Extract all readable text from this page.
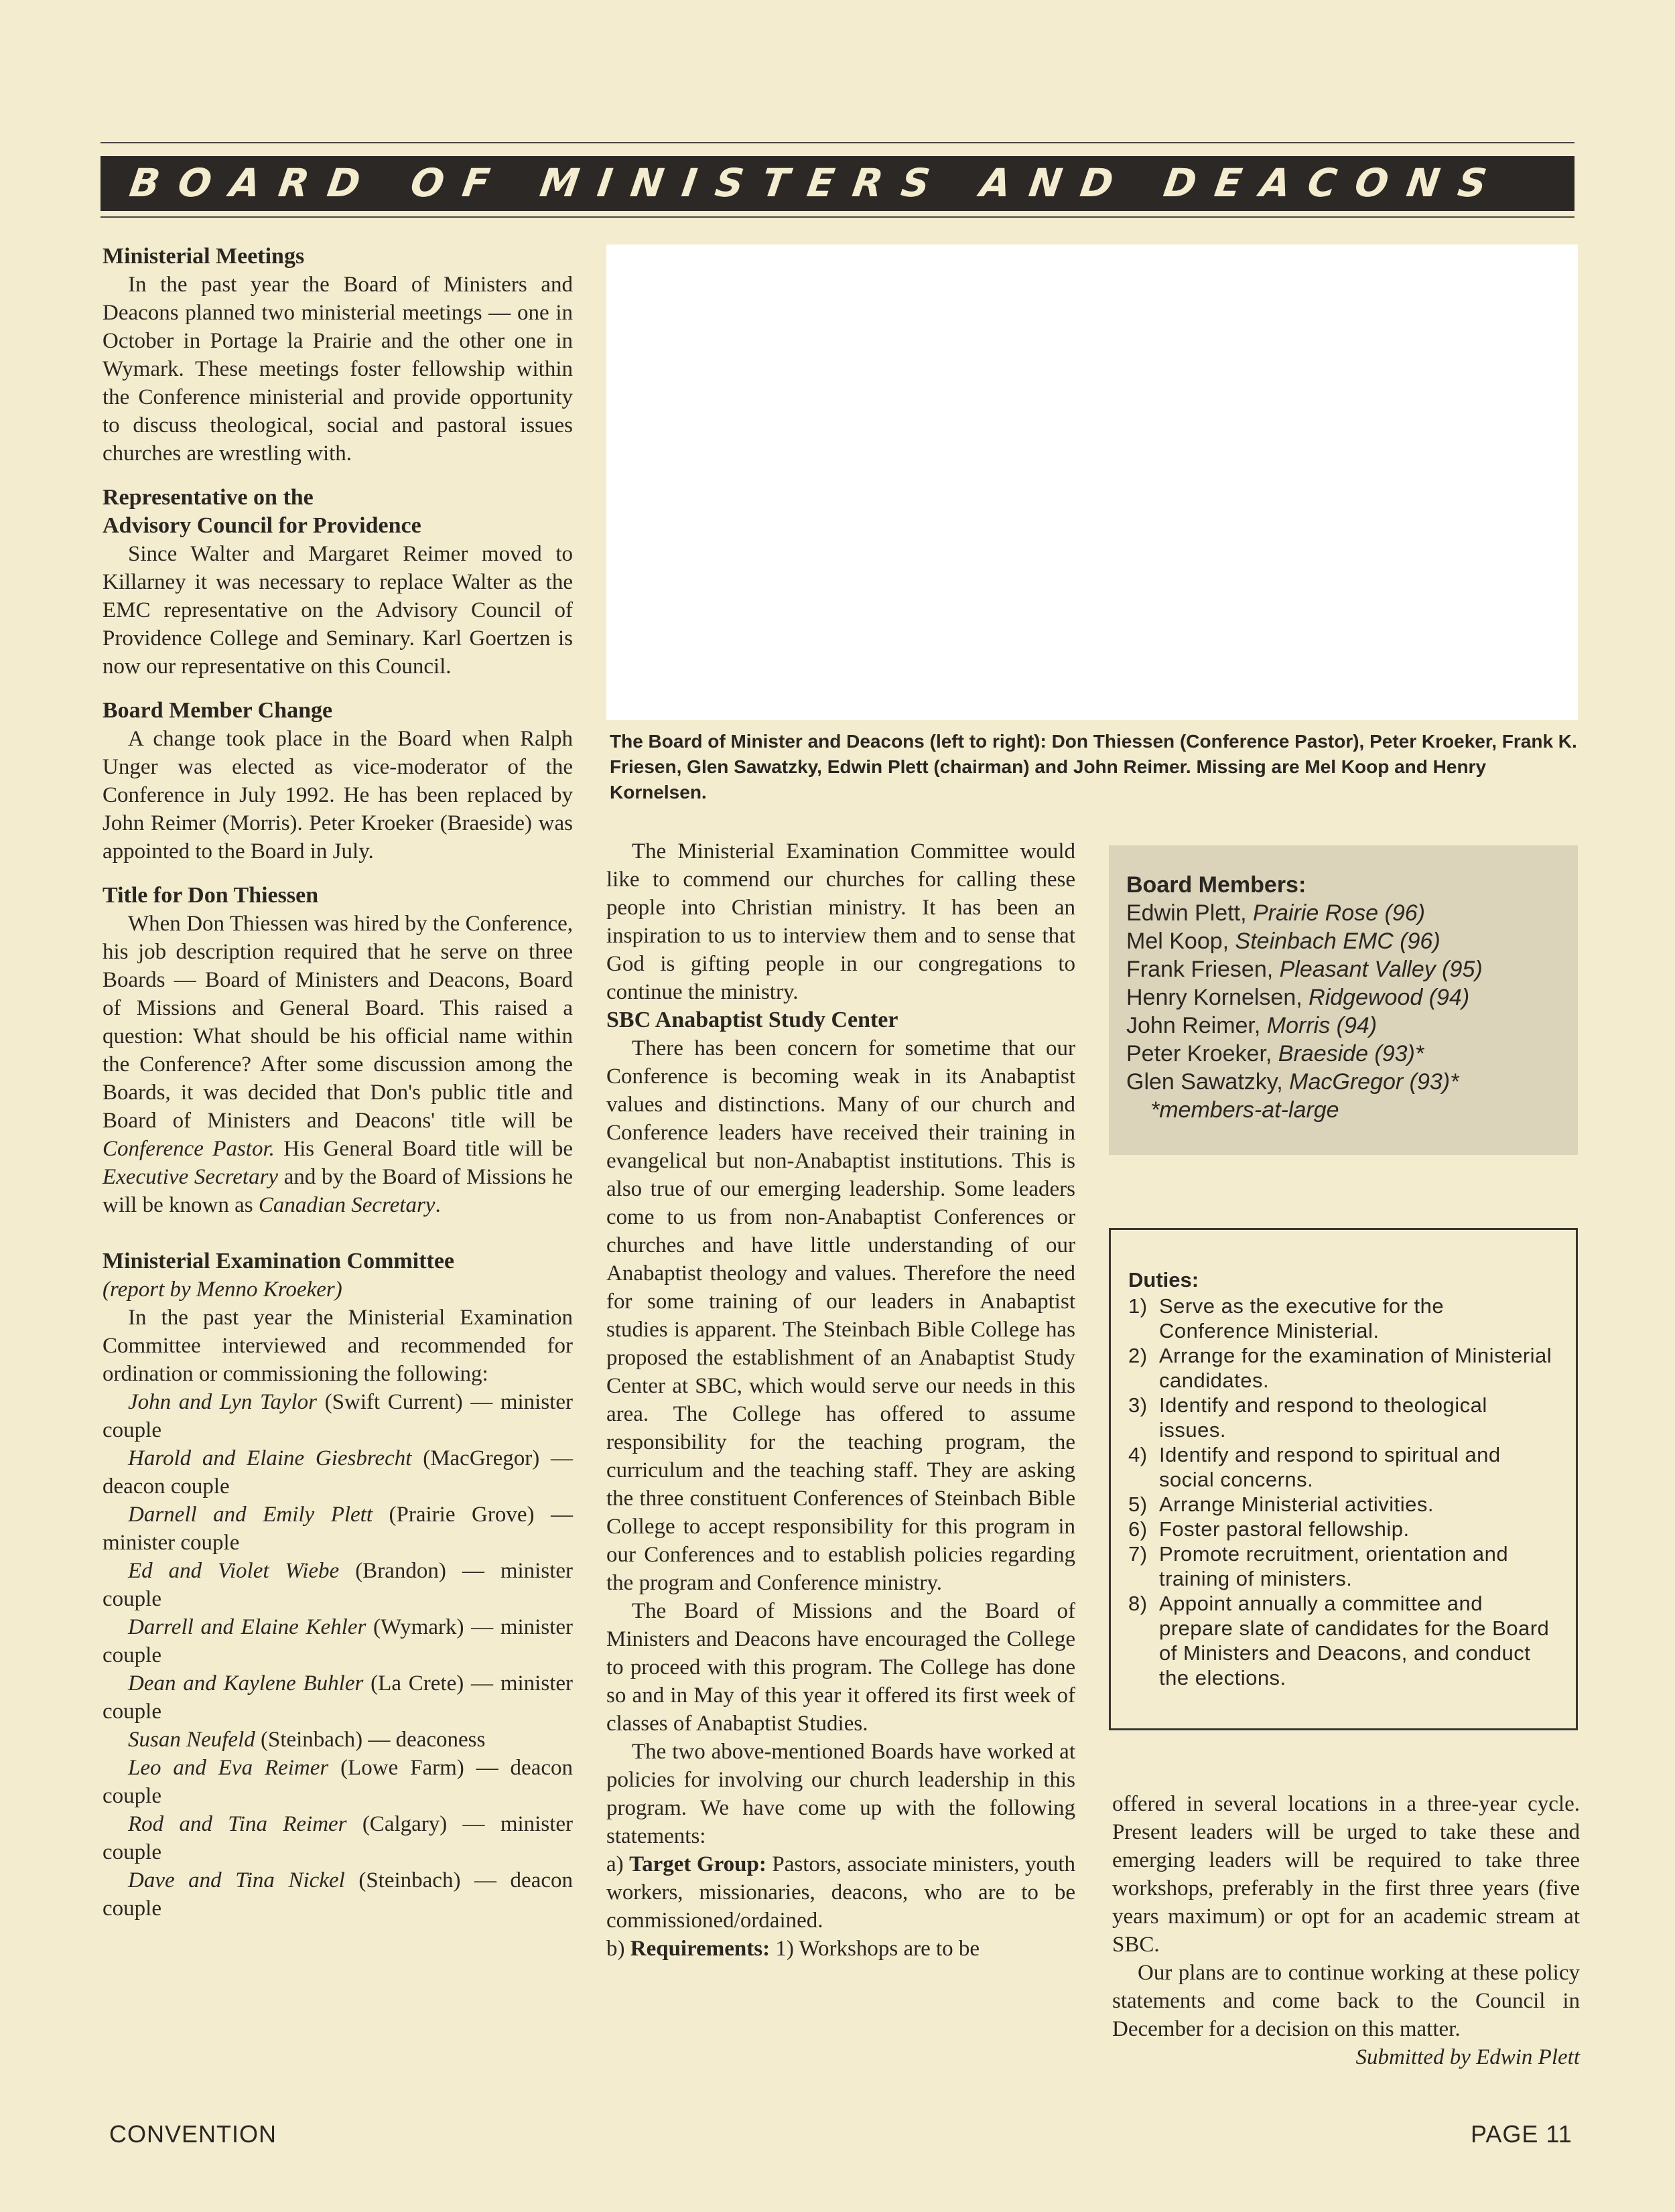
BOARD OF MINISTERS AND DEACONS
Ministerial Meetings

In the past year the Board of Ministers and Deacons planned two ministerial meetings — one in October in Portage la Prairie and the other one in Wymark. These meetings foster fellowship within the Conference ministerial and provide opportunity to discuss theological, social and pastoral issues churches are wrestling with.

Representative on the
Advisory Council for Providence

Since Walter and Margaret Reimer moved to Killarney it was necessary to replace Walter as the EMC representative on the Advisory Council of Providence College and Seminary. Karl Goertzen is now our representative on this Council.

Board Member Change

A change took place in the Board when Ralph Unger was elected as vice-moderator of the Conference in July 1992. He has been replaced by John Reimer (Morris). Peter Kroeker (Braeside) was appointed to the Board in July.

Title for Don Thiessen

When Don Thiessen was hired by the Conference, his job description required that he serve on three Boards — Board of Ministers and Deacons, Board of Missions and General Board. This raised a question: What should be his official name within the Conference? After some discussion among the Boards, it was decided that Don's public title and Board of Ministers and Deacons' title will be Conference Pastor. His General Board title will be Executive Secretary and by the Board of Missions he will be known as Canadian Secretary.

Ministerial Examination Committee

(report by Menno Kroeker)

In the past year the Ministerial Examination Committee interviewed and recommended for ordination or commissioning the following:

John and Lyn Taylor (Swift Current) — minister couple

Harold and Elaine Giesbrecht (MacGregor) — deacon couple

Darnell and Emily Plett (Prairie Grove) — minister couple

Ed and Violet Wiebe (Brandon) — minister couple

Darrell and Elaine Kehler (Wymark) — minister couple

Dean and Kaylene Buhler (La Crete) — minister couple

Susan Neufeld (Steinbach) — deaconess

Leo and Eva Reimer (Lowe Farm) — deacon couple

Rod and Tina Reimer (Calgary) — minister couple

Dave and Tina Nickel (Steinbach) — deacon couple

The Board of Minister and Deacons (left to right): Don Thiessen (Conference Pastor), Peter Kroeker, Frank K. Friesen, Glen Sawatzky, Edwin Plett (chairman) and John Reimer. Missing are Mel Koop and Henry Kornelsen.

The Ministerial Examination Committee would like to commend our churches for calling these people into Christian ministry. It has been an inspiration to us to interview them and to sense that God is gifting people in our congregations to continue the ministry.

SBC Anabaptist Study Center

There has been concern for sometime that our Conference is becoming weak in its Anabaptist values and distinctions. Many of our church and Conference leaders have received their training in evangelical but non-Anabaptist institutions. This is also true of our emerging leadership. Some leaders come to us from non-Anabaptist Conferences or churches and have little understanding of our Anabaptist theology and values. Therefore the need for some training of our leaders in Anabaptist studies is apparent. The Steinbach Bible College has proposed the establishment of an Anabaptist Study Center at SBC, which would serve our needs in this area. The College has offered to assume responsibility for the teaching program, the curriculum and the teaching staff. They are asking the three constituent Conferences of Steinbach Bible College to accept responsibility for this program in our Conferences and to establish policies regarding the program and Conference ministry.

The Board of Missions and the Board of Ministers and Deacons have encouraged the College to proceed with this program. The College has done so and in May of this year it offered its first week of classes of Anabaptist Studies.

The two above-mentioned Boards have worked at policies for involving our church leadership in this program. We have come up with the following statements:

a) Target Group: Pastors, associate ministers, youth workers, missionaries, deacons, who are to be commissioned/ordained.

b) Requirements: 1) Workshops are to be

Board Members:
Edwin Plett, Prairie Rose (96)
Mel Koop, Steinbach EMC (96)
Frank Friesen, Pleasant Valley (95)
Henry Kornelsen, Ridgewood (94)
John Reimer, Morris (94)
Peter Kroeker, Braeside (93)*
Glen Sawatzky, MacGregor (93)*
*members-at-large
Duties:
1) Serve as the executive for the Conference Ministerial.
2) Arrange for the examination of Ministerial candidates.
3) Identify and respond to theological issues.
4) Identify and respond to spiritual and social concerns.
5) Arrange Ministerial activities.
6) Foster pastoral fellowship.
7) Promote recruitment, orientation and training of ministers.
8) Appoint annually a committee and prepare slate of candidates for the Board of Ministers and Deacons, and conduct the elections.

offered in several locations in a three-year cycle. Present leaders will be urged to take these and emerging leaders will be required to take three workshops, preferably in the first three years (five years maximum) or opt for an academic stream at SBC.

Our plans are to continue working at these policy statements and come back to the Council in December for a decision on this matter.

Submitted by Edwin Plett

CONVENTION	PAGE 11
